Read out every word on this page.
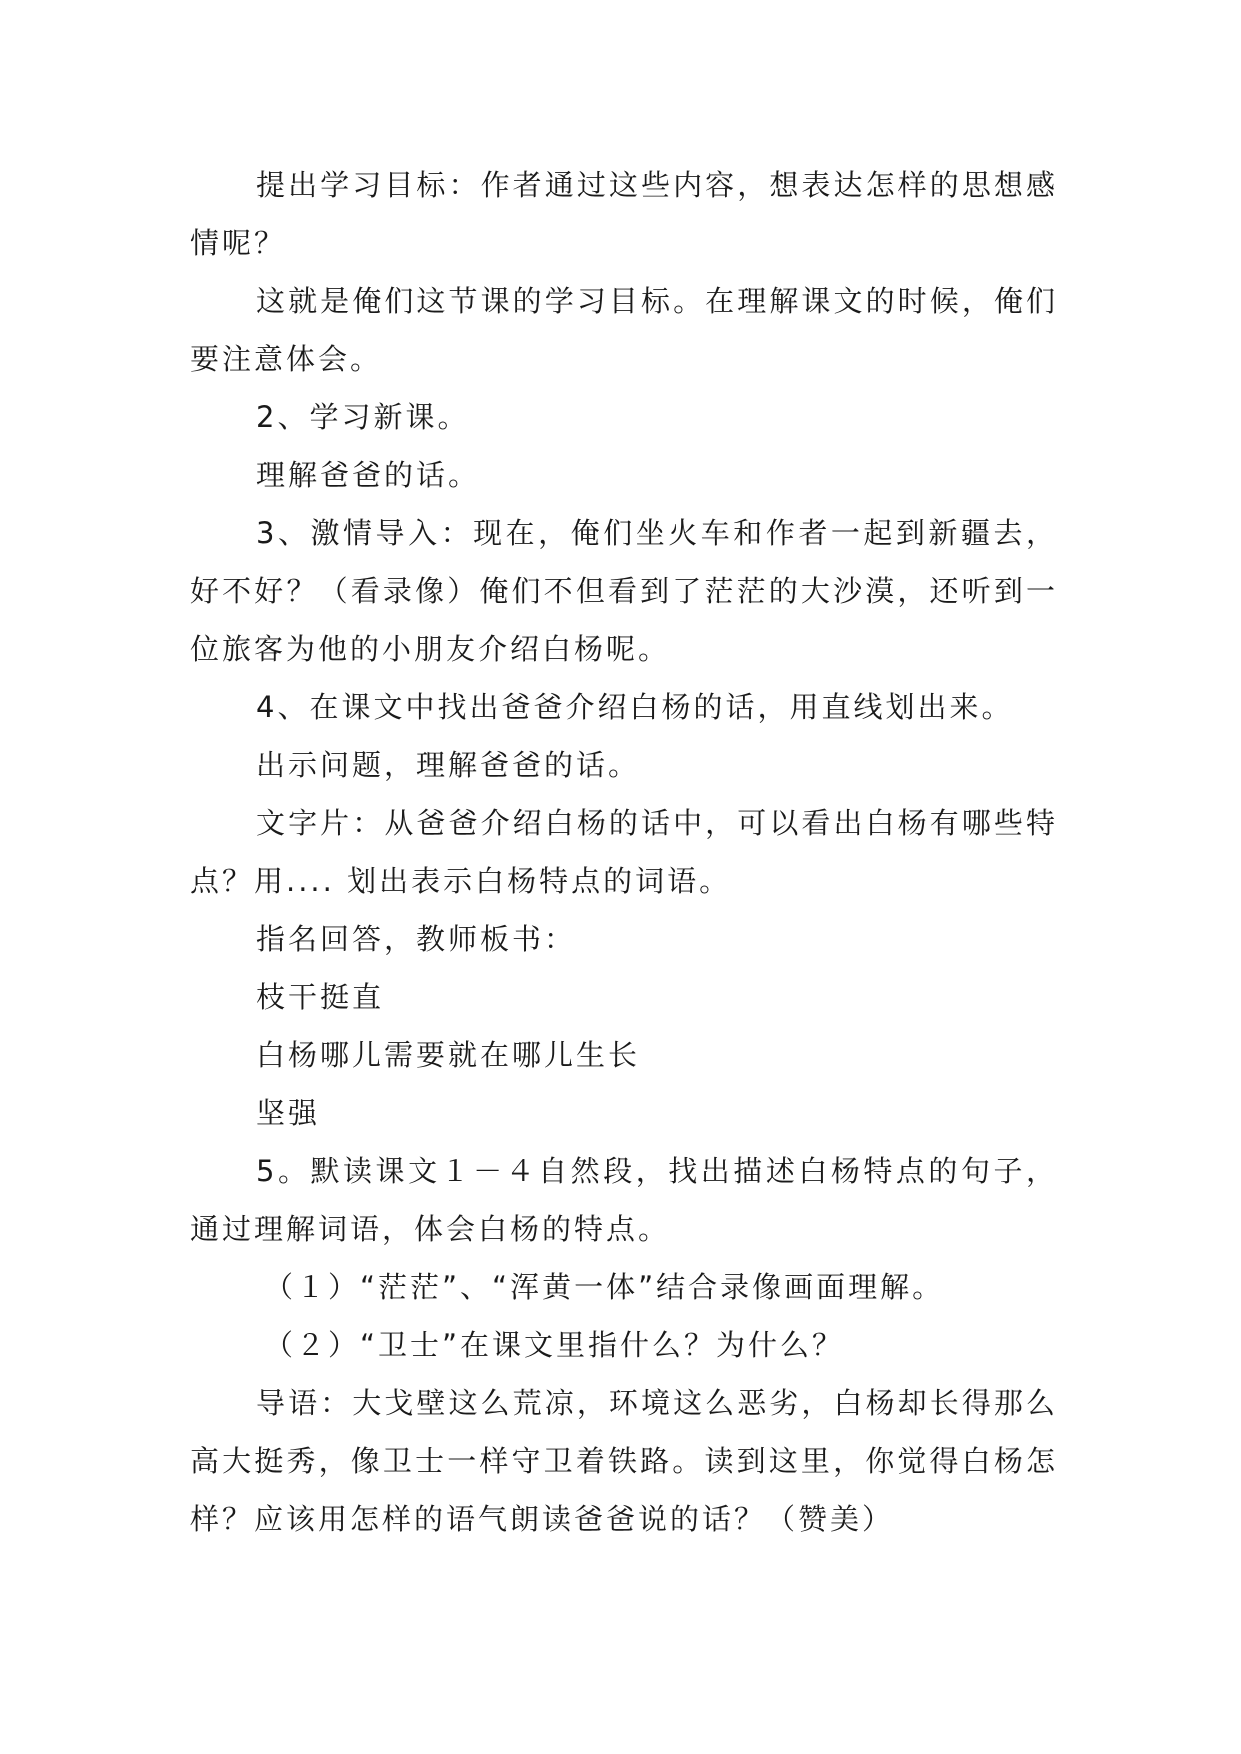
提出学习目标：作者通过这些内容，想表达怎样的思想感情呢？

这就是俺们这节课的学习目标。在理解课文的时候，俺们要注意体会。

2、学习新课。

理解爸爸的话。

3、激情导入：现在，俺们坐火车和作者一起到新疆去，好不好？（看录像）俺们不但看到了茫茫的大沙漠，还听到一位旅客为他的小朋友介绍白杨呢。

4、在课文中找出爸爸介绍白杨的话，用直线划出来。

出示问题，理解爸爸的话。

文字片：从爸爸介绍白杨的话中，可以看出白杨有哪些特点？用.... 划出表示白杨特点的词语。

指名回答，教师板书：

枝干挺直

白杨哪儿需要就在哪儿生长

坚强

5。默读课文１－４自然段，找出描述白杨特点的句子，通过理解词语，体会白杨的特点。

（１）“茫茫”、“浑黄一体”结合录像画面理解。

（２）“卫士”在课文里指什么？为什么？

导语：大戈壁这么荒凉，环境这么恶劣，白杨却长得那么高大挺秀，像卫士一样守卫着铁路。读到这里，你觉得白杨怎样？应该用怎样的语气朗读爸爸说的话？（赞美）
